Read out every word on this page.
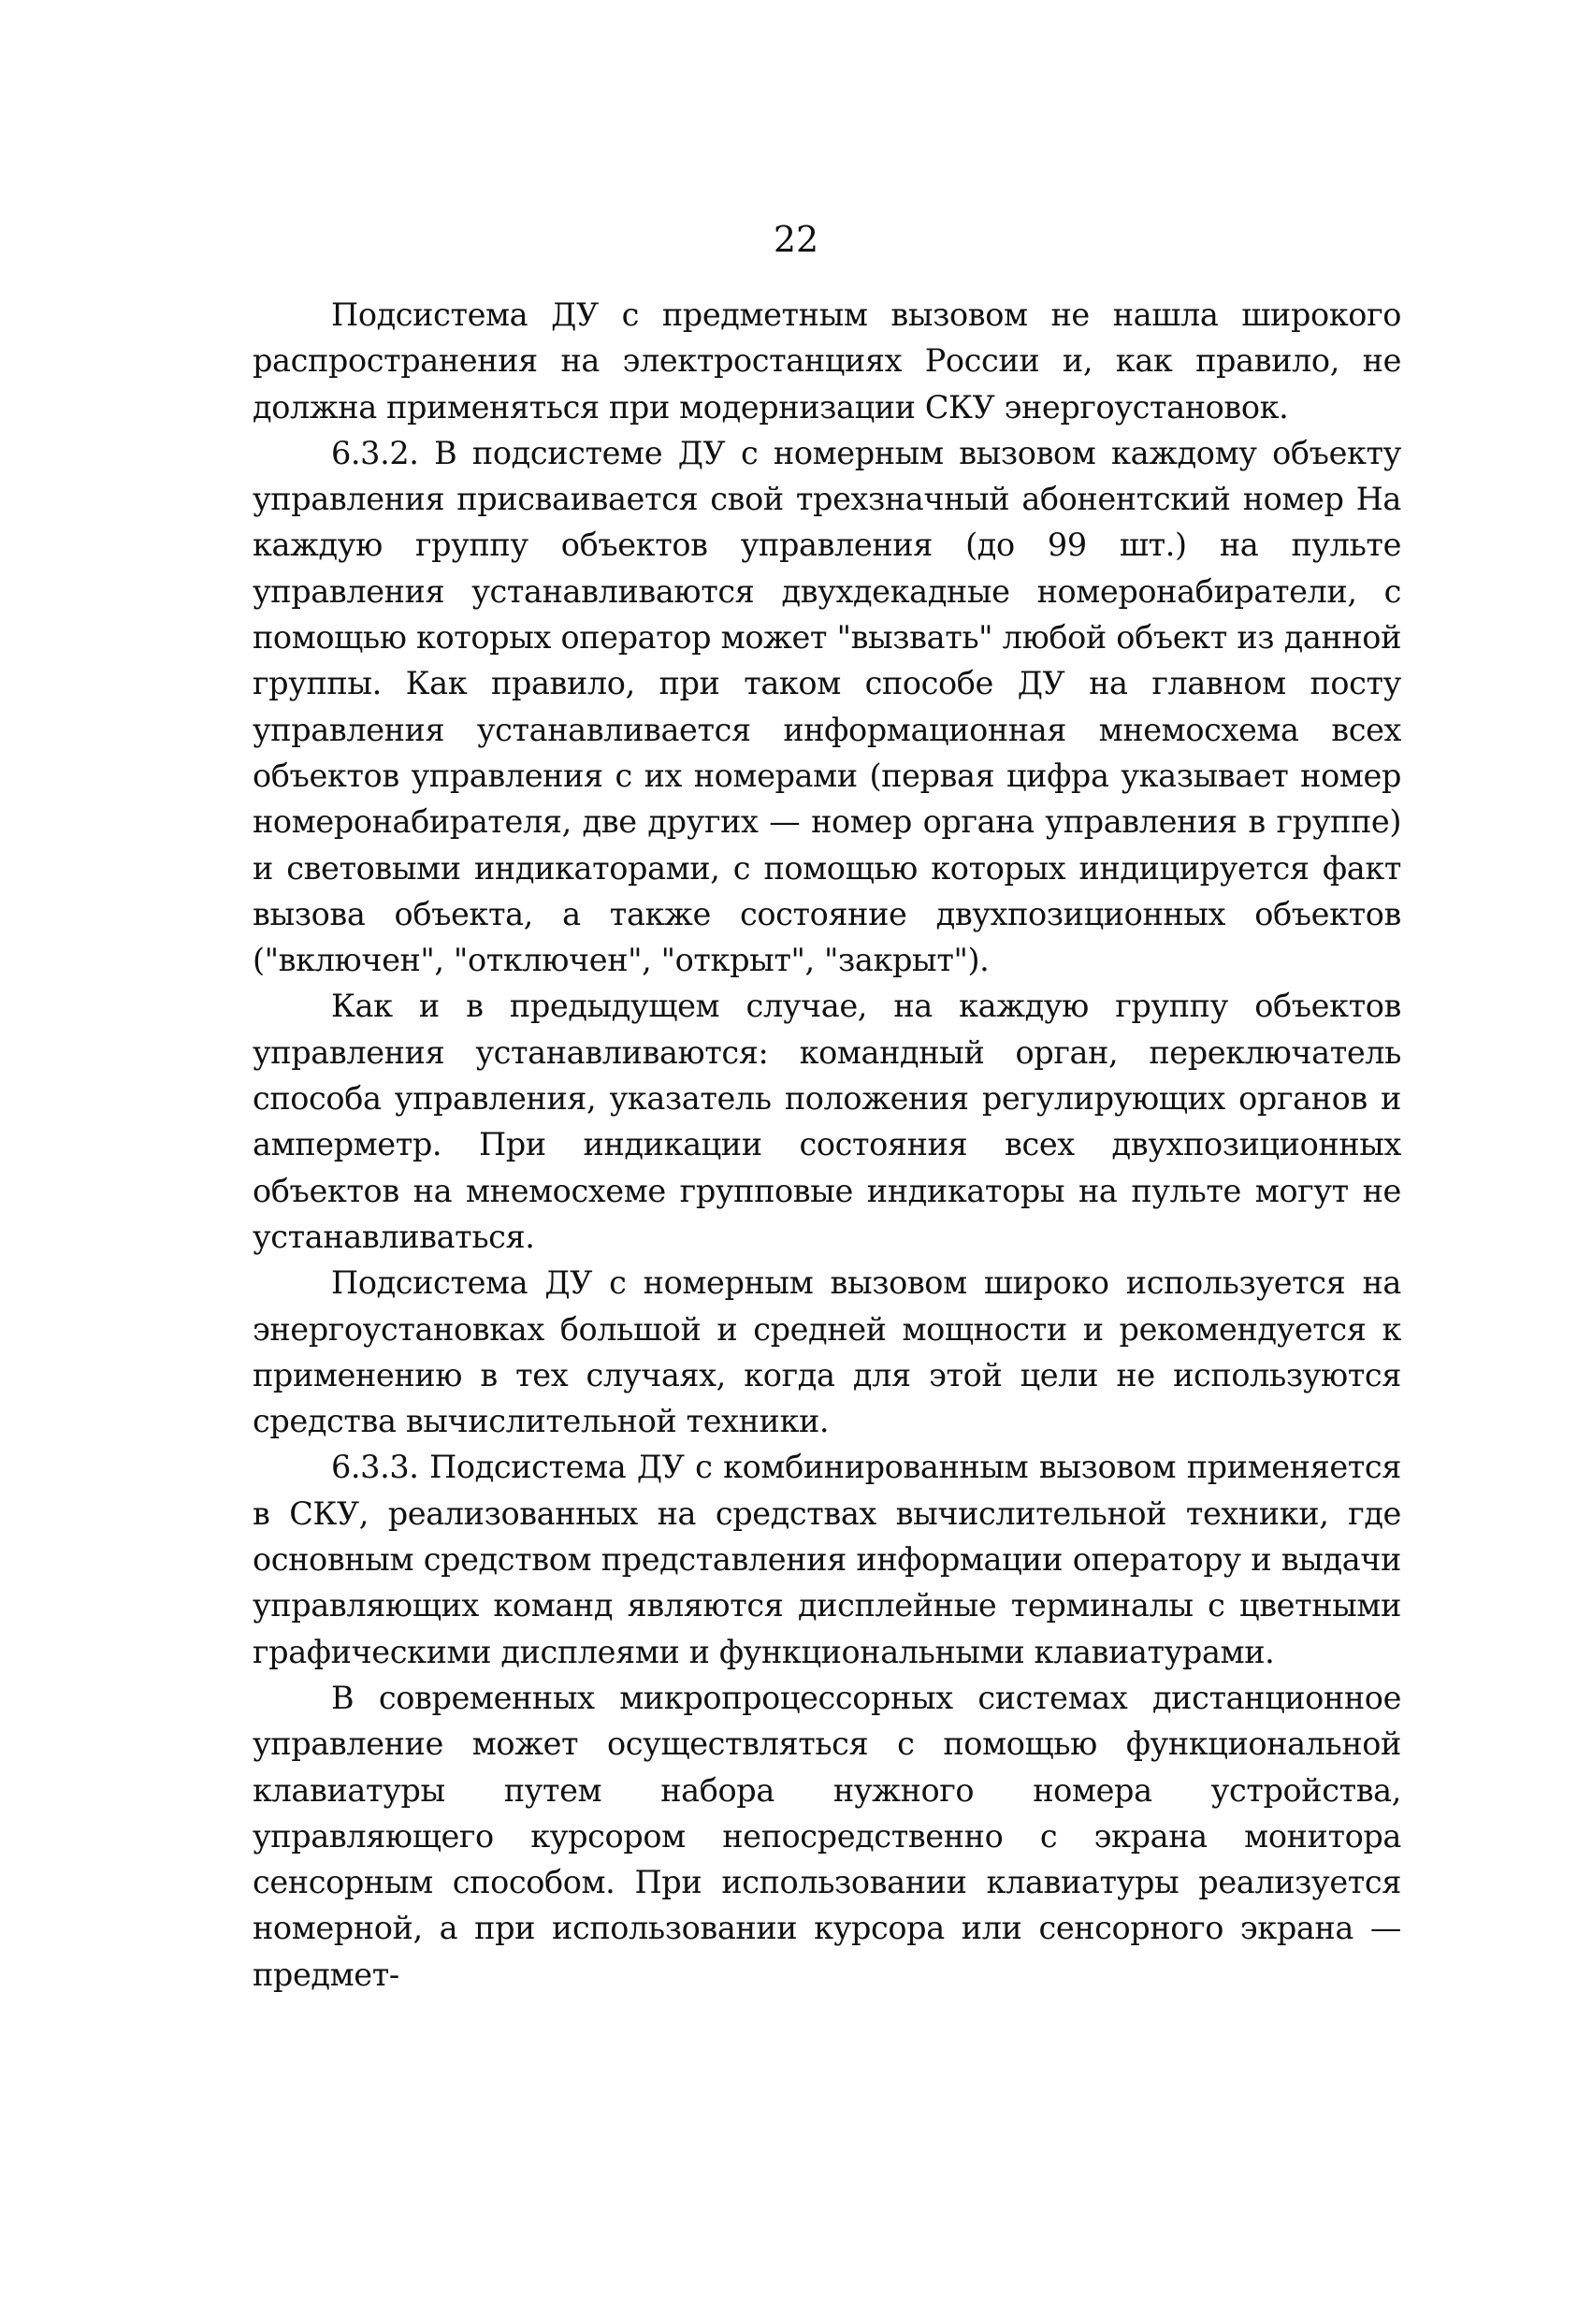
22

Подсистема ДУ с предметным вызовом не нашла широкого распространения на электростанциях России и, как правило, не должна применяться при модернизации СКУ энергоустановок.

6.3.2. В подсистеме ДУ с номерным вызовом каждому объекту управления присваивается свой трехзначный абонентский номер На каждую группу объектов управления (до 99 шт.) на пульте управления устанавливаются двухдекадные номеронабиратели, с помощью которых оператор может "вызвать" любой объект из данной группы. Как правило, при таком способе ДУ на главном посту управления устанавливается информационная мнемосхема всех объектов управления с их номерами (первая цифра указывает номер номеронабирателя, две других — номер органа управления в группе) и световыми индикаторами, с помощью которых индицируется факт вызова объекта, а также состояние двухпозиционных объектов ("включен", "отключен", "открыт", "закрыт").

Как и в предыдущем случае, на каждую группу объектов управления устанавливаются: командный орган, переключатель способа управления, указатель положения регулирующих органов и амперметр. При индикации состояния всех двухпозиционных объектов на мнемосхеме групповые индикаторы на пульте могут не устанавливаться.

Подсистема ДУ с номерным вызовом широко используется на энергоустановках большой и средней мощности и рекомендуется к применению в тех случаях, когда для этой цели не используются средства вычислительной техники.

6.3.3. Подсистема ДУ с комбинированным вызовом применяется в СКУ, реализованных на средствах вычислительной техники, где основным средством представления информации оператору и выдачи управляющих команд являются дисплейные терминалы с цветными графическими дисплеями и функциональными клавиатурами.

В современных микропроцессорных системах дистанционное управление может осуществляться с помощью функциональной клавиатуры путем набора нужного номера устройства, управляющего курсором непосредственно с экрана монитора сенсорным способом. При использовании клавиатуры реализуется номерной, а при использовании курсора или сенсорного экрана — предмет-
